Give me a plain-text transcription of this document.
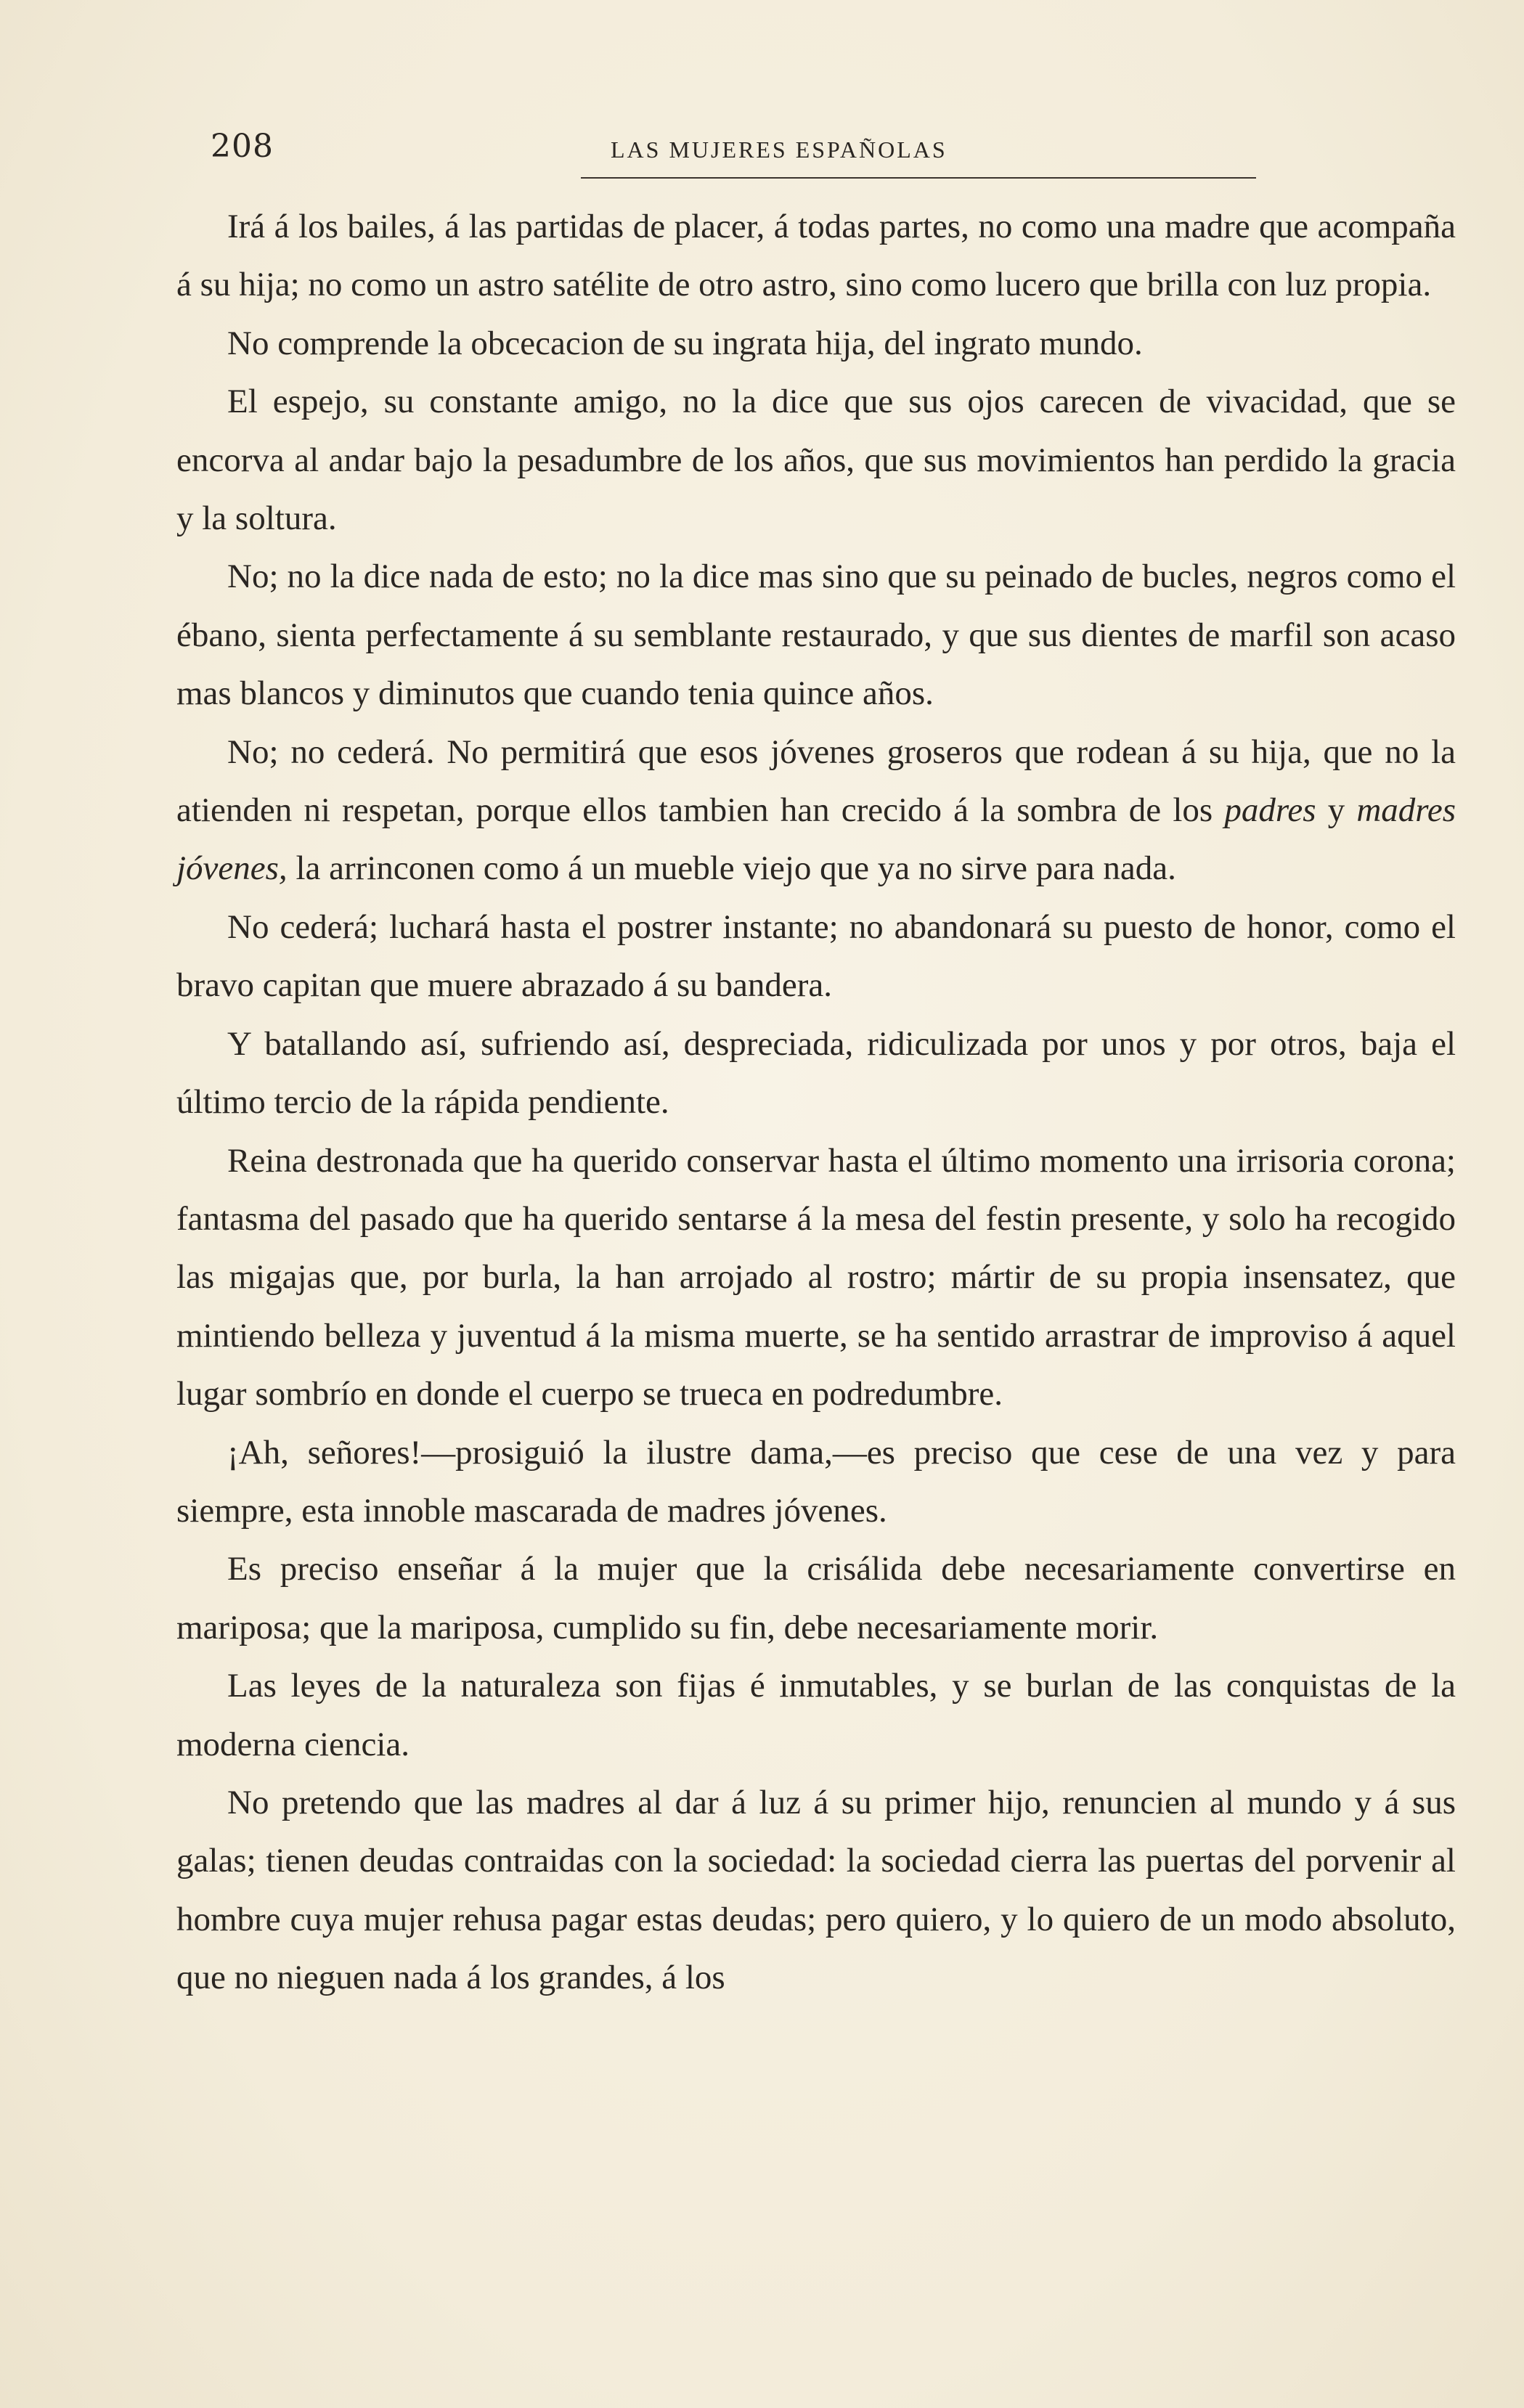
208	LAS MUJERES ESPAÑOLAS

Irá á los bailes, á las partidas de placer, á todas partes, no como una madre que acompaña á su hija; no como un astro satélite de otro astro, sino como lucero que brilla con luz propia.

No comprende la obcecacion de su ingrata hija, del ingrato mundo.

El espejo, su constante amigo, no la dice que sus ojos carecen de vivacidad, que se encorva al andar bajo la pesadumbre de los años, que sus movimientos han perdido la gracia y la soltura.

No; no la dice nada de esto; no la dice mas sino que su peinado de bucles, negros como el ébano, sienta perfectamente á su semblante restaurado, y que sus dientes de marfil son acaso mas blancos y diminutos que cuando tenia quince años.

No; no cederá. No permitirá que esos jóvenes groseros que rodean á su hija, que no la atienden ni respetan, porque ellos tambien han crecido á la sombra de los padres y madres jóvenes, la arrinconen como á un mueble viejo que ya no sirve para nada.

No cederá; luchará hasta el postrer instante; no abandonará su puesto de honor, como el bravo capitan que muere abrazado á su bandera.

Y batallando así, sufriendo así, despreciada, ridiculizada por unos y por otros, baja el último tercio de la rápida pendiente.

Reina destronada que ha querido conservar hasta el último momento una irrisoria corona; fantasma del pasado que ha querido sentarse á la mesa del festin presente, y solo ha recogido las migajas que, por burla, la han arrojado al rostro; mártir de su propia insensatez, que mintiendo belleza y juventud á la misma muerte, se ha sentido arrastrar de improviso á aquel lugar sombrío en donde el cuerpo se trueca en podredumbre.

¡Ah, señores!—prosiguió la ilustre dama,—es preciso que cese de una vez y para siempre, esta innoble mascarada de madres jóvenes.

Es preciso enseñar á la mujer que la crisálida debe necesariamente convertirse en mariposa; que la mariposa, cumplido su fin, debe necesariamente morir.

Las leyes de la naturaleza son fijas é inmutables, y se burlan de las conquistas de la moderna ciencia.

No pretendo que las madres al dar á luz á su primer hijo, renuncien al mundo y á sus galas; tienen deudas contraidas con la sociedad: la sociedad cierra las puertas del porvenir al hombre cuya mujer rehusa pagar estas deudas; pero quiero, y lo quiero de un modo absoluto, que no nieguen nada á los grandes, á los
